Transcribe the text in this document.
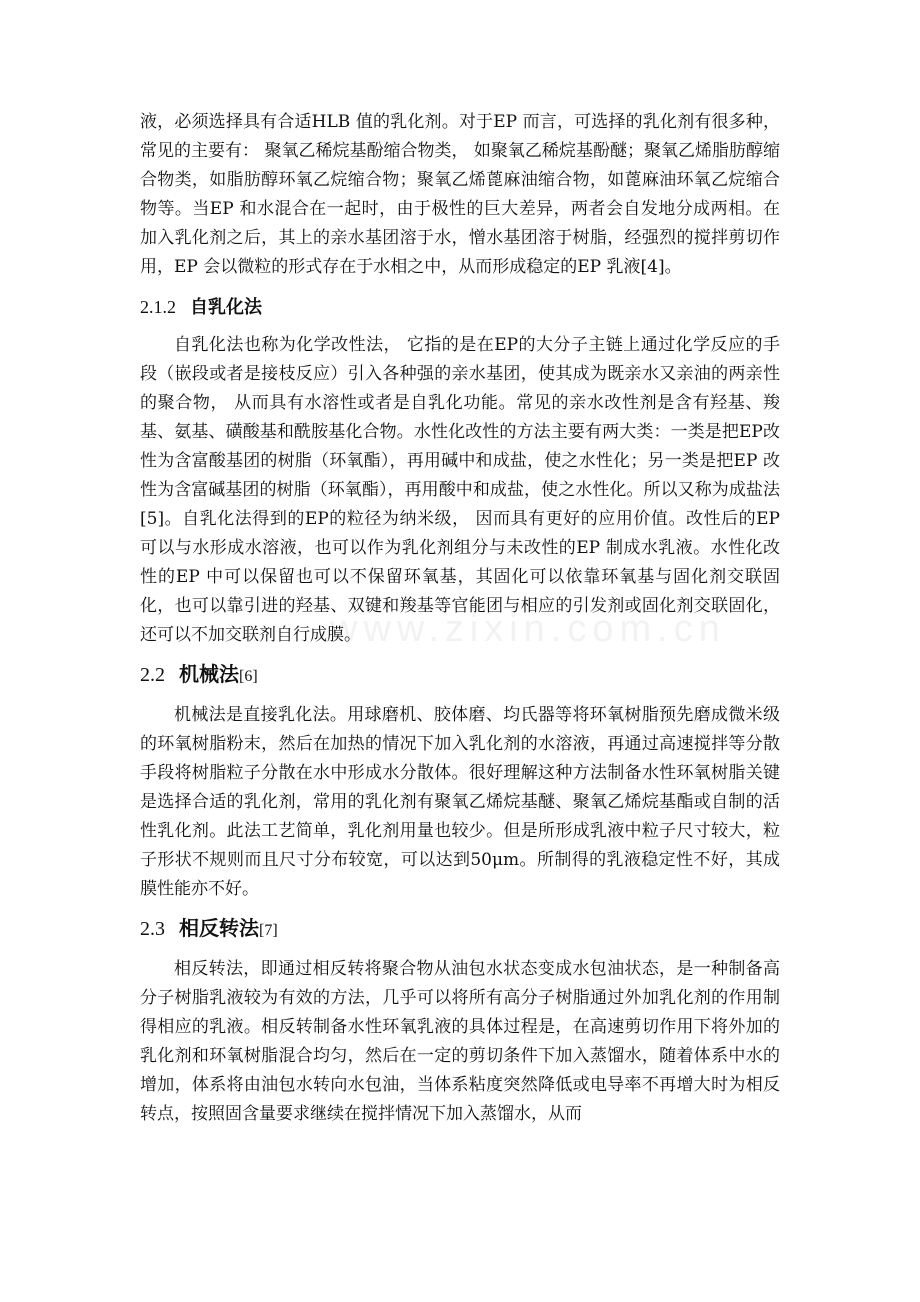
www.zixin.com.cn

液，必须选择具有合适HLB 值的乳化剂。对于EP 而言，可选择的乳化剂有很多种，常见的主要有： 聚氧乙稀烷基酚缩合物类， 如聚氧乙稀烷基酚醚；聚氧乙烯脂肪醇缩合物类，如脂肪醇环氧乙烷缩合物；聚氧乙烯蓖麻油缩合物，如蓖麻油环氧乙烷缩合物等。当EP 和水混合在一起时，由于极性的巨大差异，两者会自发地分成两相。在加入乳化剂之后，其上的亲水基团溶于水，憎水基团溶于树脂，经强烈的搅拌剪切作用，EP 会以微粒的形式存在于水相之中，从而形成稳定的EP 乳液[4]。

2.1.2 自乳化法

自乳化法也称为化学改性法， 它指的是在EP的大分子主链上通过化学反应的手段（嵌段或者是接枝反应）引入各种强的亲水基团，使其成为既亲水又亲油的两亲性的聚合物， 从而具有水溶性或者是自乳化功能。常见的亲水改性剂是含有羟基、羧基、氨基、磺酸基和酰胺基化合物。水性化改性的方法主要有两大类：一类是把EP改性为含富酸基团的树脂（环氧酯），再用碱中和成盐，使之水性化；另一类是把EP 改性为含富碱基团的树脂（环氧酯），再用酸中和成盐，使之水性化。所以又称为成盐法[5]。自乳化法得到的EP的粒径为纳米级， 因而具有更好的应用价值。改性后的EP 可以与水形成水溶液，也可以作为乳化剂组分与未改性的EP 制成水乳液。水性化改性的EP 中可以保留也可以不保留环氧基，其固化可以依靠环氧基与固化剂交联固化，也可以靠引进的羟基、双键和羧基等官能团与相应的引发剂或固化剂交联固化， 还可以不加交联剂自行成膜。

2.2 机械法[6]

机械法是直接乳化法。用球磨机、胶体磨、均氏器等将环氧树脂预先磨成微米级的环氧树脂粉末，然后在加热的情况下加入乳化剂的水溶液，再通过高速搅拌等分散手段将树脂粒子分散在水中形成水分散体。很好理解这种方法制备水性环氧树脂关键是选择合适的乳化剂，常用的乳化剂有聚氧乙烯烷基醚、聚氧乙烯烷基酯或自制的活性乳化剂。此法工艺简单，乳化剂用量也较少。但是所形成乳液中粒子尺寸较大，粒子形状不规则而且尺寸分布较宽，可以达到50μm。所制得的乳液稳定性不好，其成膜性能亦不好。

2.3 相反转法[7]

相反转法，即通过相反转将聚合物从油包水状态变成水包油状态，是一种制备高分子树脂乳液较为有效的方法，几乎可以将所有高分子树脂通过外加乳化剂的作用制得相应的乳液。相反转制备水性环氧乳液的具体过程是，在高速剪切作用下将外加的乳化剂和环氧树脂混合均匀，然后在一定的剪切条件下加入蒸馏水，随着体系中水的增加，体系将由油包水转向水包油，当体系粘度突然降低或电导率不再增大时为相反转点，按照固含量要求继续在搅拌情况下加入蒸馏水，从而
